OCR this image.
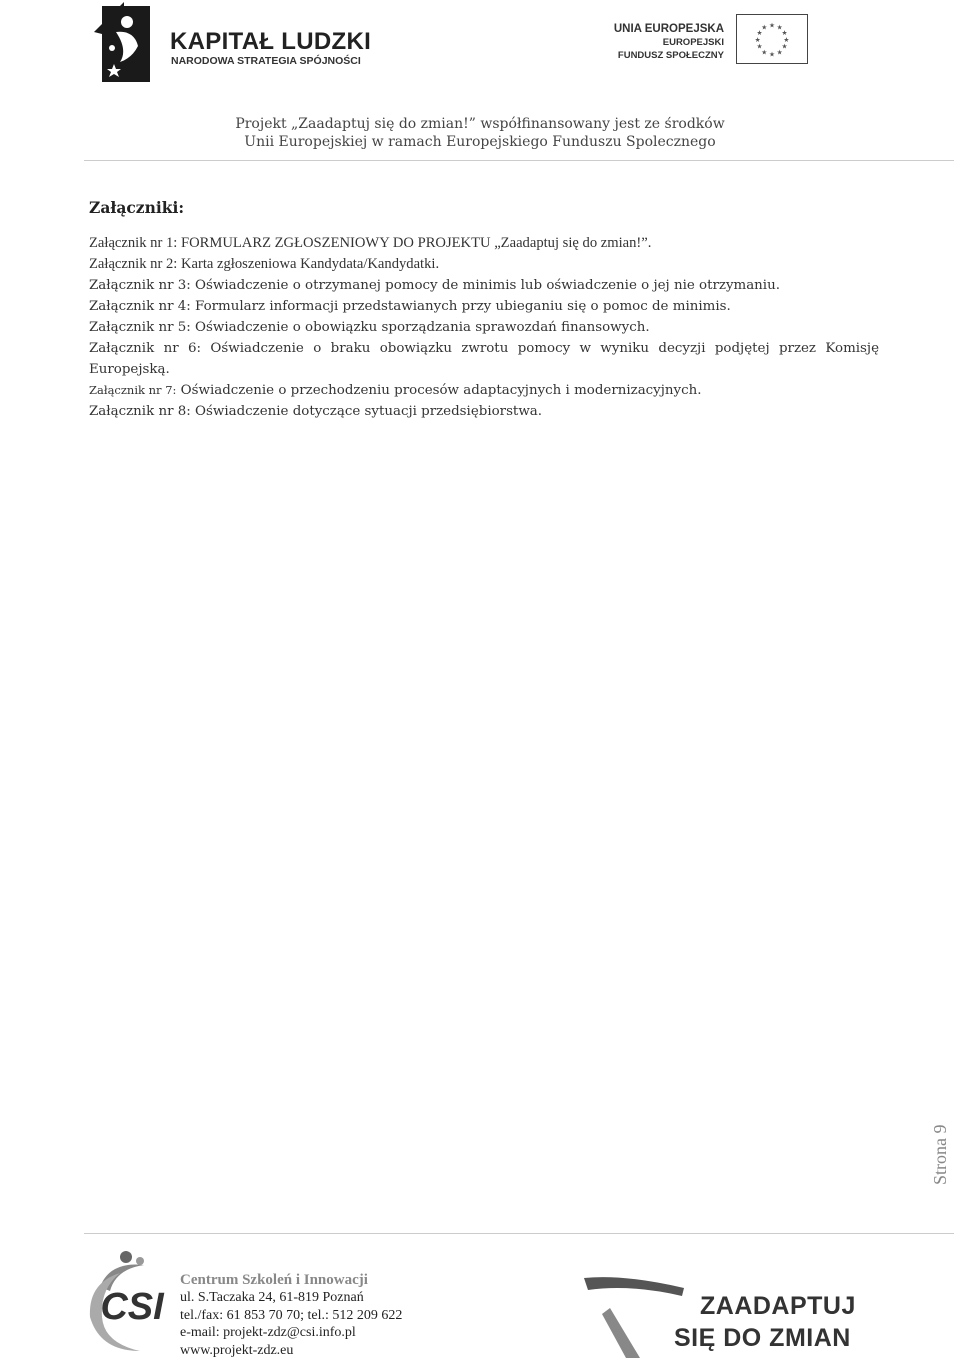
KAPITAŁ LUDZKI
NARODOWA STRATEGIA SPÓJNOŚCI
UNIA EUROPEJSKA
EUROPEJSKI
FUNDUSZ SPOŁECZNY
★ ★
★
★
★
★
★
★
★
★
★
★
Projekt „Zaadaptuj się do zmian!” współfinansowany jest ze środków
Unii Europejskiej w ramach Europejskiego Funduszu Spolecznego
Załączniki:

Załącznik nr 1: FORMULARZ ZGŁOSZENIOWY DO PROJEKTU „Zaadaptuj się do zmian!”.

Załącznik nr 2: Karta zgłoszeniowa Kandydata/Kandydatki.

Załącznik nr 3: Oświadczenie o otrzymanej pomocy de minimis lub oświadczenie o jej nie otrzymaniu.

Załącznik nr 4: Formularz informacji przedstawianych przy ubieganiu się o pomoc de minimis.

Załącznik nr 5: Oświadczenie o obowiązku sporządzania sprawozdań finansowych.

Załącznik nr 6: Oświadczenie o braku obowiązku zwrotu pomocy w wyniku decyzji podjętej przez Komisję Europejską.

Załącznik nr 7: Oświadczenie o przechodzeniu procesów adaptacyjnych i modernizacyjnych.

Załącznik nr 8: Oświadczenie dotyczące sytuacji przedsiębiorstwa.

Strona 9
CSI
Centrum Szkoleń i Innowacji
ul. S.Taczaka 24, 61-819 Poznań
tel./fax: 61 853 70 70; tel.: 512 209 622
e-mail: projekt-zdz@csi.info.pl
www.projekt-zdz.eu
ZAADAPTUJ
SIĘ DO ZMIAN
